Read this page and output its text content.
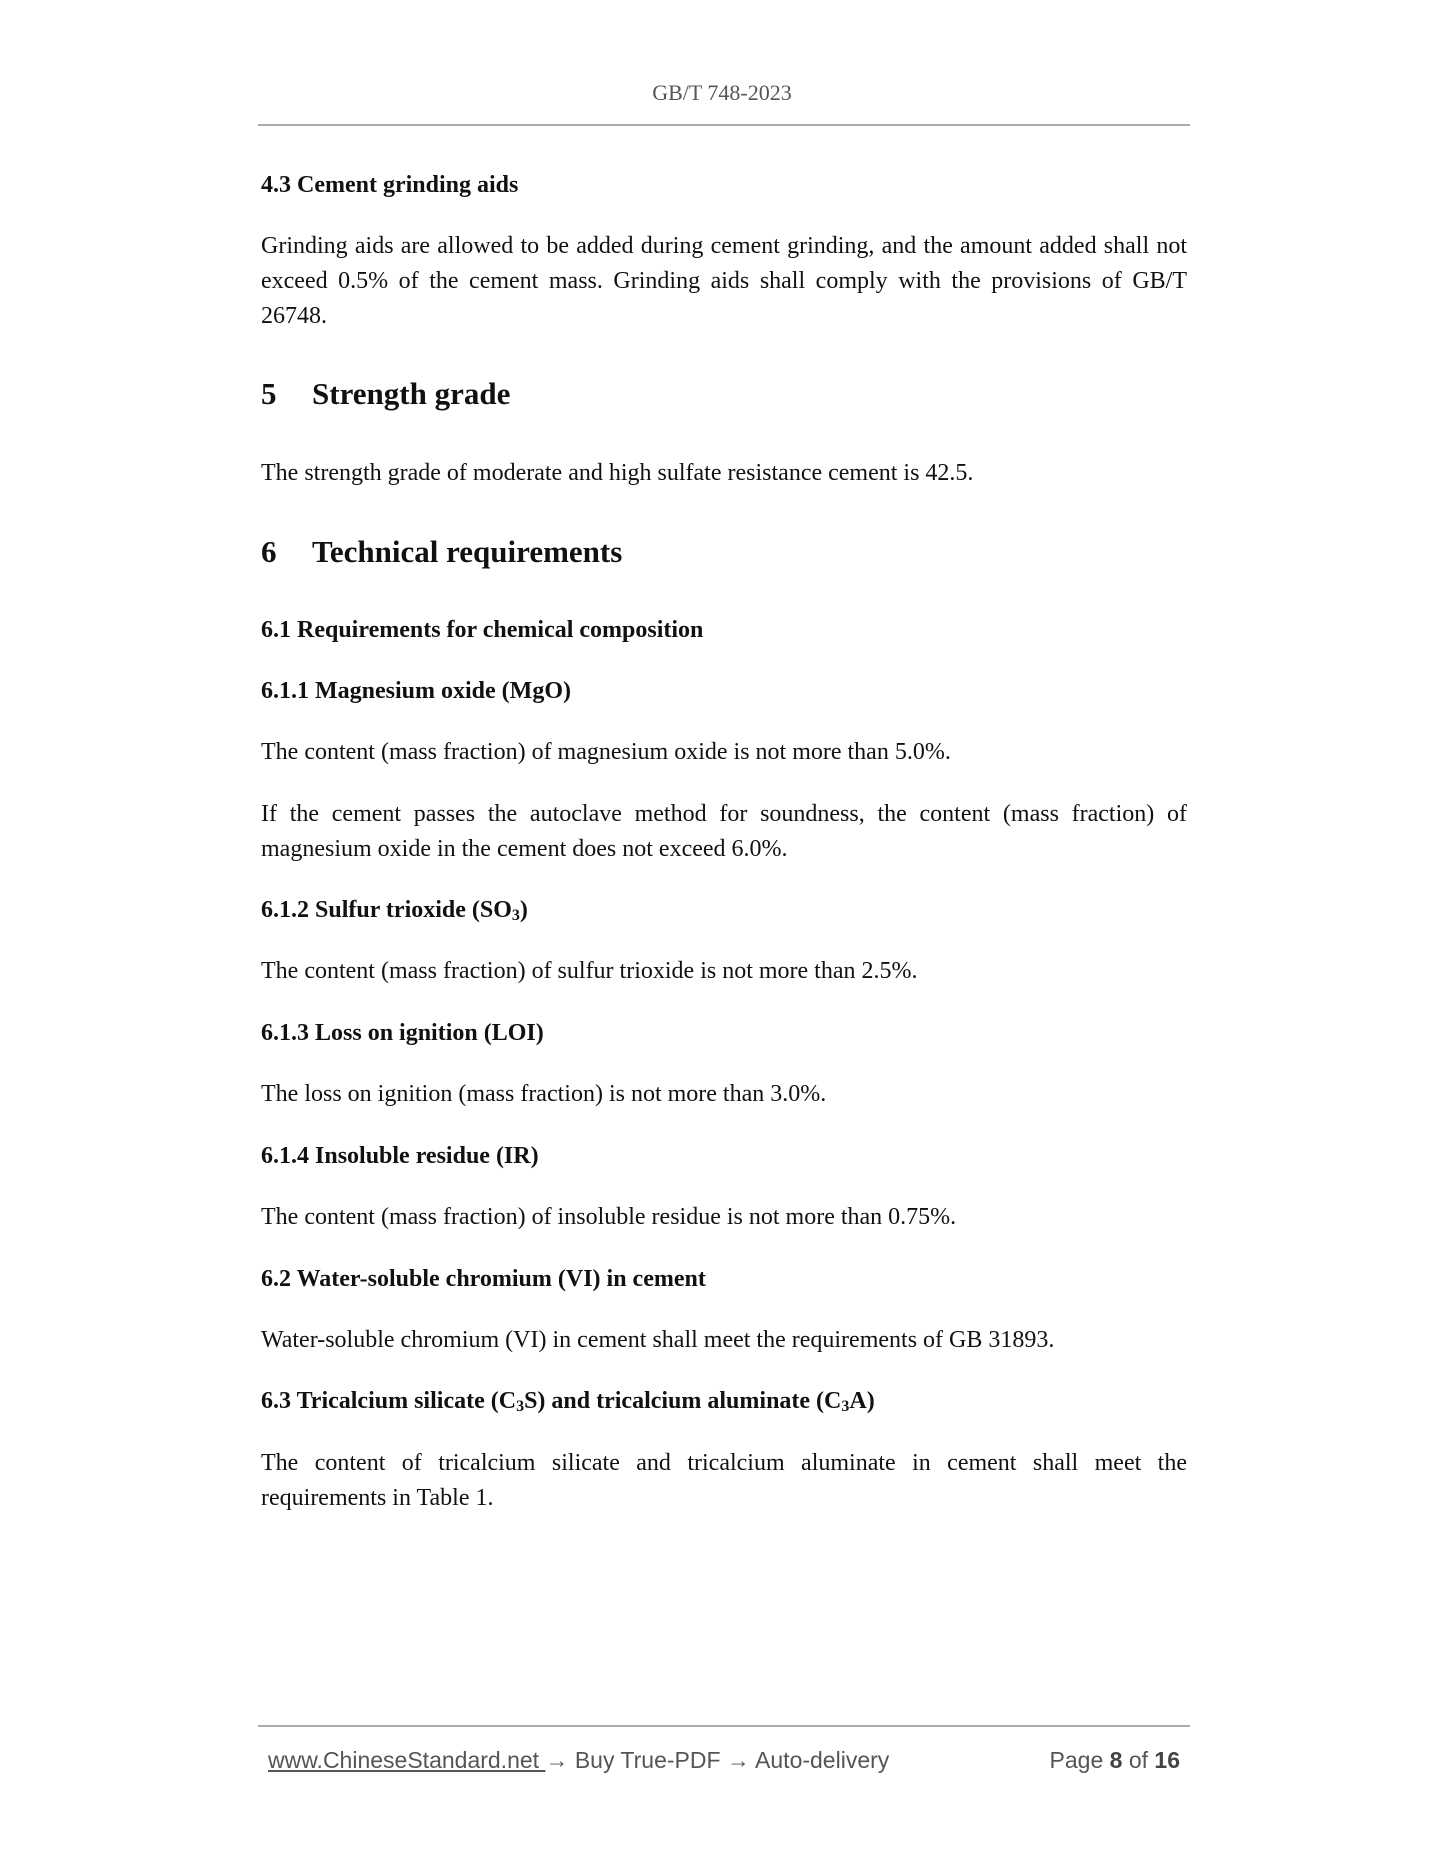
GB/T 748-2023
4.3 Cement grinding aids
Grinding aids are allowed to be added during cement grinding, and the amount added shall not exceed 0.5% of the cement mass. Grinding aids shall comply with the provisions of GB/T 26748.
5 Strength grade
The strength grade of moderate and high sulfate resistance cement is 42.5.
6 Technical requirements
6.1 Requirements for chemical composition
6.1.1 Magnesium oxide (MgO)
The content (mass fraction) of magnesium oxide is not more than 5.0%.
If the cement passes the autoclave method for soundness, the content (mass fraction) of magnesium oxide in the cement does not exceed 6.0%.
6.1.2 Sulfur trioxide $(SO_3)$
The content (mass fraction) of sulfur trioxide is not more than 2.5%.
6.1.3 Loss on ignition (LOI)
The loss on ignition (mass fraction) is not more than 3.0%.
6.1.4 Insoluble residue (IR)
The content (mass fraction) of insoluble residue is not more than 0.75%.
6.2 Water-soluble chromium (VI) in cement
Water-soluble chromium (VI) in cement shall meet the requirements of GB 31893.
6.3 Tricalcium silicate $(C_3S)$ and tricalcium aluminate $(C_3A)$
The content of tricalcium silicate and tricalcium aluminate in cement shall meet the requirements in Table 1.
www.ChineseStandard.net → Buy True-PDF → Auto-delivery	Page 8 of 16
